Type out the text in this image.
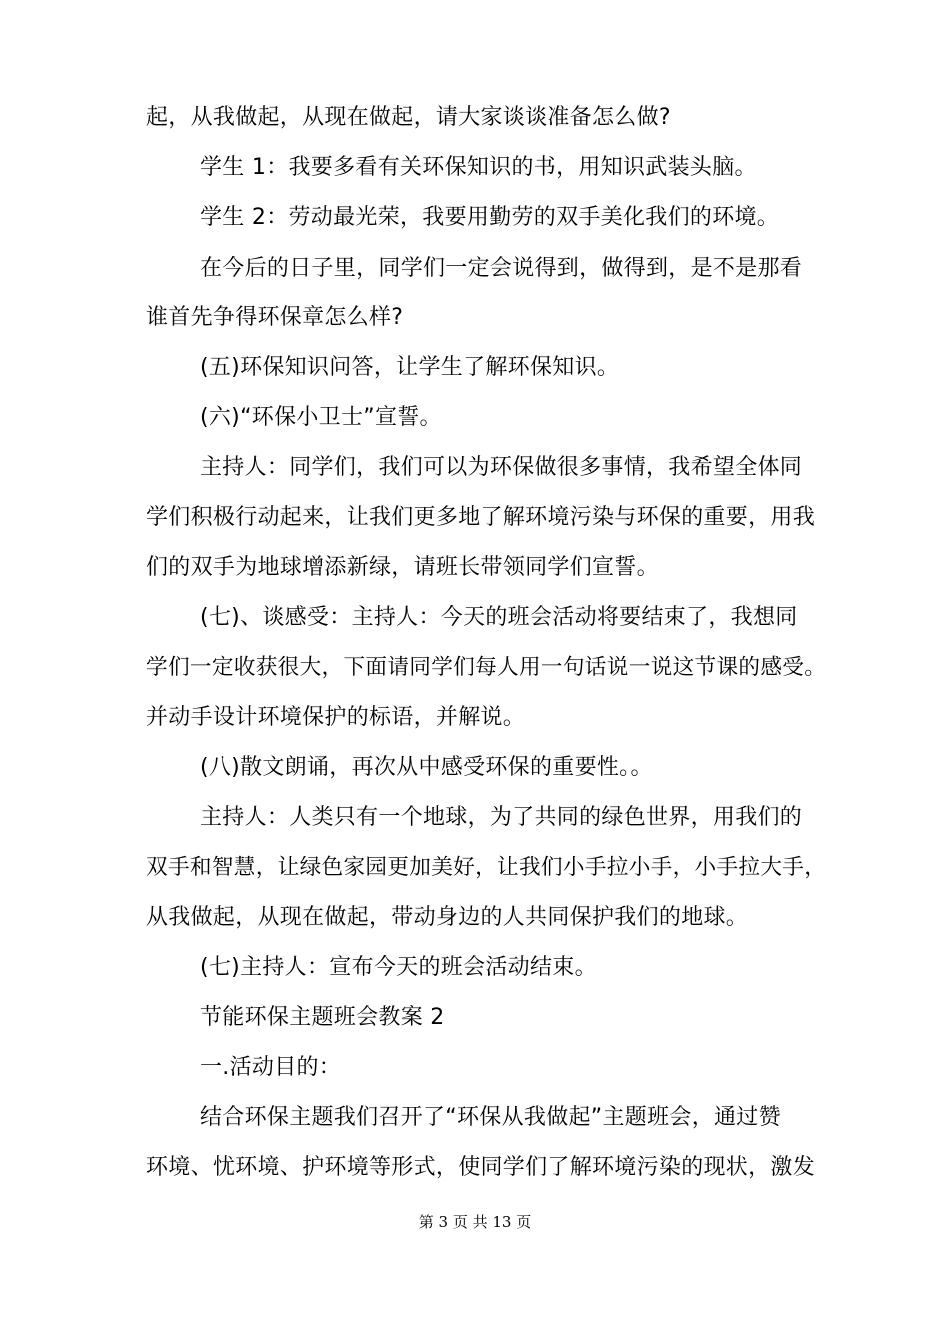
起，从我做起，从现在做起，请大家谈谈准备怎么做?
学生 1：我要多看有关环保知识的书，用知识武装头脑。
学生 2：劳动最光荣，我要用勤劳的双手美化我们的环境。
在今后的日子里，同学们一定会说得到，做得到，是不是那看
谁首先争得环保章怎么样?
(五)环保知识问答，让学生了解环保知识。
(六)“环保小卫士”宣誓。
主持人：同学们，我们可以为环保做很多事情，我希望全体同
学们积极行动起来，让我们更多地了解环境污染与环保的重要，用我
们的双手为地球增添新绿，请班长带领同学们宣誓。
(七)、谈感受：主持人：今天的班会活动将要结束了，我想同
学们一定收获很大，下面请同学们每人用一句话说一说这节课的感受。
并动手设计环境保护的标语，并解说。
(八)散文朗诵，再次从中感受环保的重要性。。
主持人：人类只有一个地球，为了共同的绿色世界，用我们的
双手和智慧，让绿色家园更加美好，让我们小手拉小手，小手拉大手，
从我做起，从现在做起，带动身边的人共同保护我们的地球。
(七)主持人：宣布今天的班会活动结束。
节能环保主题班会教案 2
一.活动目的：
结合环保主题我们召开了“环保从我做起”主题班会，通过赞
环境、忧环境、护环境等形式，使同学们了解环境污染的现状，激发
第 3 页 共 13 页
